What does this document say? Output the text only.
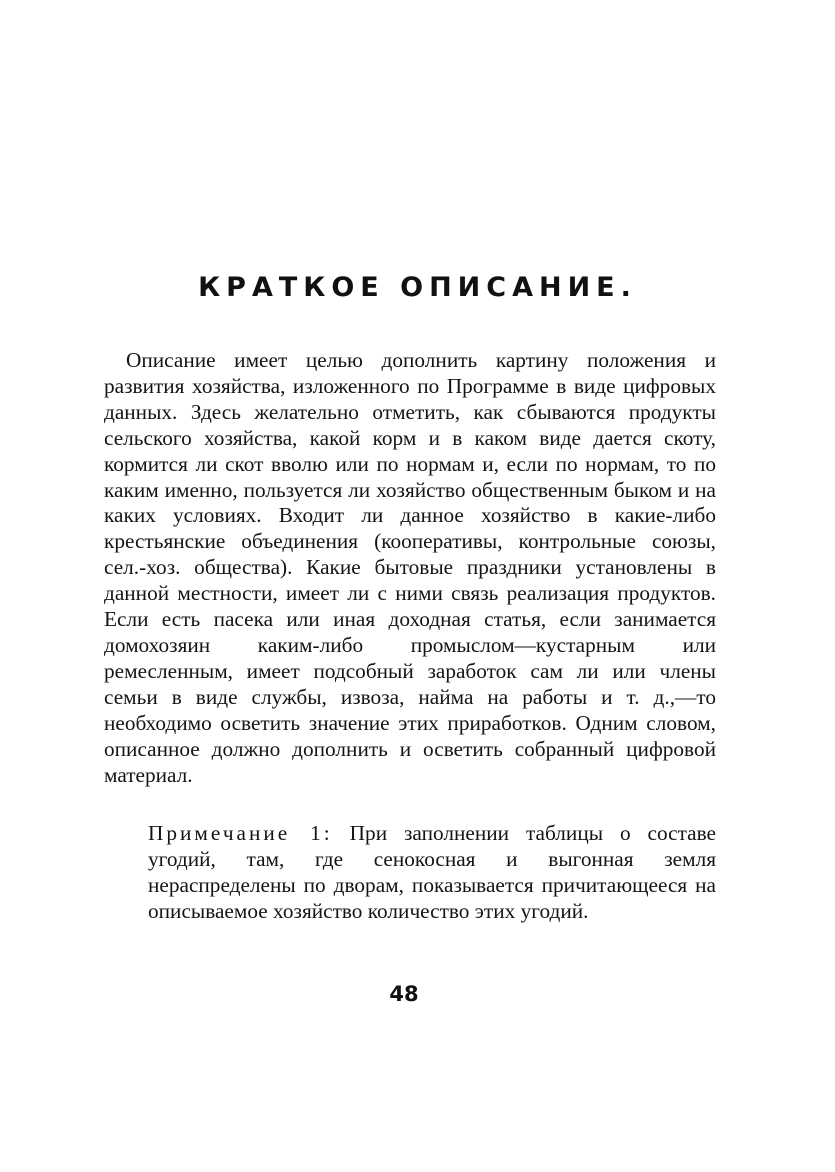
КРАТКОЕ ОПИСАНИЕ.

Описание имеет целью дополнить картину положения и развития хозяйства, изложенного по Программе в виде цифровых данных. Здесь желательно отметить, как сбываются продукты сельского хозяйства, какой корм и в каком виде дается скоту, кормится ли скот вволю или по нормам и, если по нормам, то по каким именно, пользуется ли хозяйство общественным быком и на каких условиях. Входит ли данное хозяйство в какие-либо крестьянские объединения (кооперативы, контрольные союзы, сел.-хоз. общества). Какие бытовые праздники установлены в данной местности, имеет ли с ними связь реализация продуктов. Если есть пасека или иная доходная статья, если занимается домохозяин каким-либо промыслом—кустарным или ремесленным, имеет подсобный заработок сам ли или члены семьи в виде службы, извоза, найма на работы и т. д.,—то необходимо осветить значение этих приработков. Одним словом, описанное должно дополнить и осветить собранный цифровой материал.

Примечание 1: При заполнении таблицы о составе угодий, там, где сенокосная и выгонная земля нераспределены по дворам, показывается причитающееся на описываемое хозяйство количество этих угодий.

48
